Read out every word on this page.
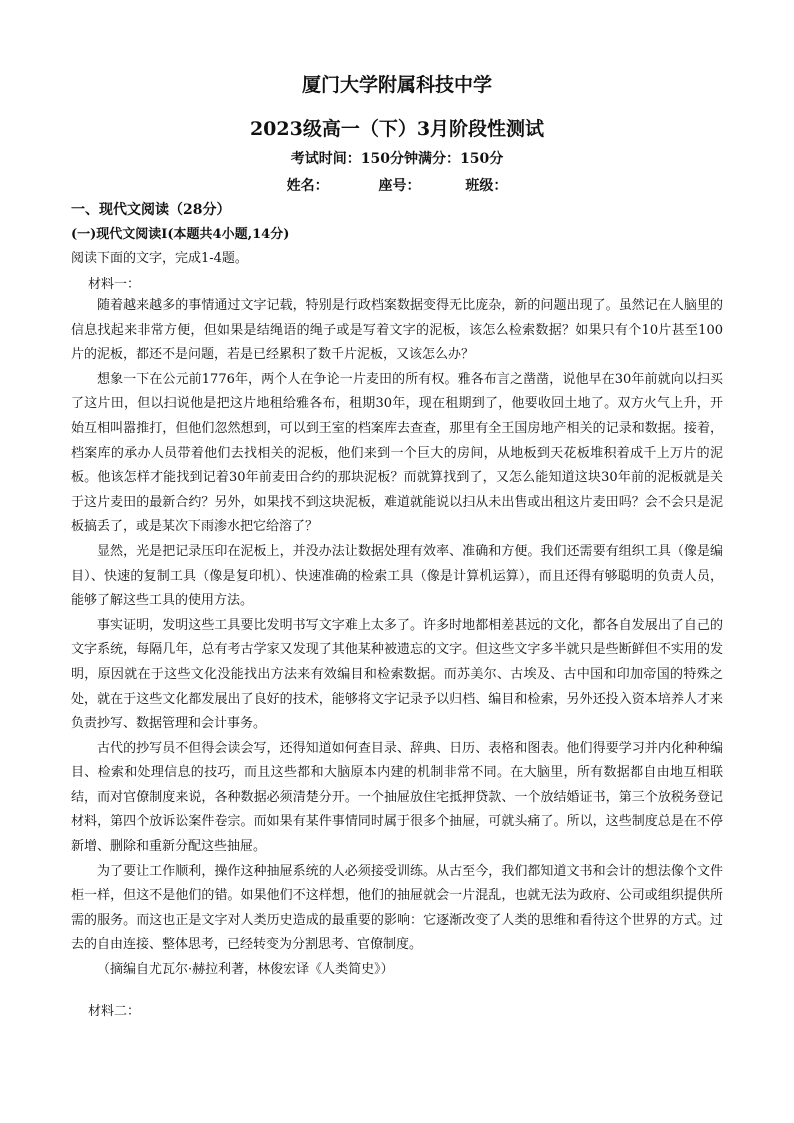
厦门大学附属科技中学
2023级高一（下）3月阶段性测试
考试时间：150分钟满分：150分
姓名：	座号：	班级：
一、现代文阅读（28分）
(一)现代文阅读Ⅰ(本题共4小题,14分)
阅读下面的文字，完成1-4题。
材料一：

随着越来越多的事情通过文字记载，特别是行政档案数据变得无比庞杂，新的问题出现了。虽然记在人脑里的信息找起来非常方便，但如果是结绳语的绳子或是写着文字的泥板，该怎么检索数据？如果只有个10片甚至100片的泥板，都还不是问题，若是已经累积了数千片泥板，又该怎么办？

想象一下在公元前1776年，两个人在争论一片麦田的所有权。雅各布言之凿凿，说他早在30年前就向以扫买了这片田，但以扫说他是把这片地租给雅各布，租期30年，现在租期到了，他要收回土地了。双方火气上升，开始互相叫嚣推打，但他们忽然想到，可以到王室的档案库去查查，那里有全王国房地产相关的记录和数据。接着，档案库的承办人员带着他们去找相关的泥板，他们来到一个巨大的房间，从地板到天花板堆积着成千上万片的泥板。他该怎样才能找到记着30年前麦田合约的那块泥板？而就算找到了，又怎么能知道这块30年前的泥板就是关于这片麦田的最新合约？另外，如果找不到这块泥板，难道就能说以扫从未出售或出租这片麦田吗？会不会只是泥板搞丢了，或是某次下雨渗水把它给溶了？

显然，光是把记录压印在泥板上，并没办法让数据处理有效率、准确和方便。我们还需要有组织工具（像是编目）、快速的复制工具（像是复印机）、快速准确的检索工具（像是计算机运算），而且还得有够聪明的负责人员，能够了解这些工具的使用方法。

事实证明，发明这些工具要比发明书写文字难上太多了。许多时地都相差甚远的文化，都各自发展出了自己的文字系统，每隔几年，总有考古学家又发现了其他某种被遗忘的文字。但这些文字多半就只是些断鲜但不实用的发明，原因就在于这些文化没能找出方法来有效编目和检索数据。而苏美尔、古埃及、古中国和印加帝国的特殊之处，就在于这些文化都发展出了良好的技术，能够将文字记录予以归档、编目和检索，另外还投入资本培养人才来负责抄写、数据管理和会计事务。

古代的抄写员不但得会读会写，还得知道如何查目录、辞典、日历、表格和图表。他们得要学习并内化种种编目、检索和处理信息的技巧，而且这些都和大脑原本内建的机制非常不同。在大脑里，所有数据都自由地互相联结，而对官僚制度来说，各种数据必须清楚分开。一个抽屉放住宅抵押贷款、一个放结婚证书，第三个放税务登记材料，第四个放诉讼案件卷宗。而如果有某件事情同时属于很多个抽屉，可就头痛了。所以，这些制度总是在不停新增、删除和重新分配这些抽屉。

为了要让工作顺利，操作这种抽屉系统的人必须接受训练。从古至今，我们都知道文书和会计的想法像个文件柜一样，但这不是他们的错。如果他们不这样想，他们的抽屉就会一片混乱，也就无法为政府、公司或组织提供所需的服务。而这也正是文字对人类历史造成的最重要的影响：它逐渐改变了人类的思维和看待这个世界的方式。过去的自由连接、整体思考，已经转变为分割思考、官僚制度。

（摘编自尤瓦尔·赫拉利著，林俊宏译《人类简史》）

材料二：
